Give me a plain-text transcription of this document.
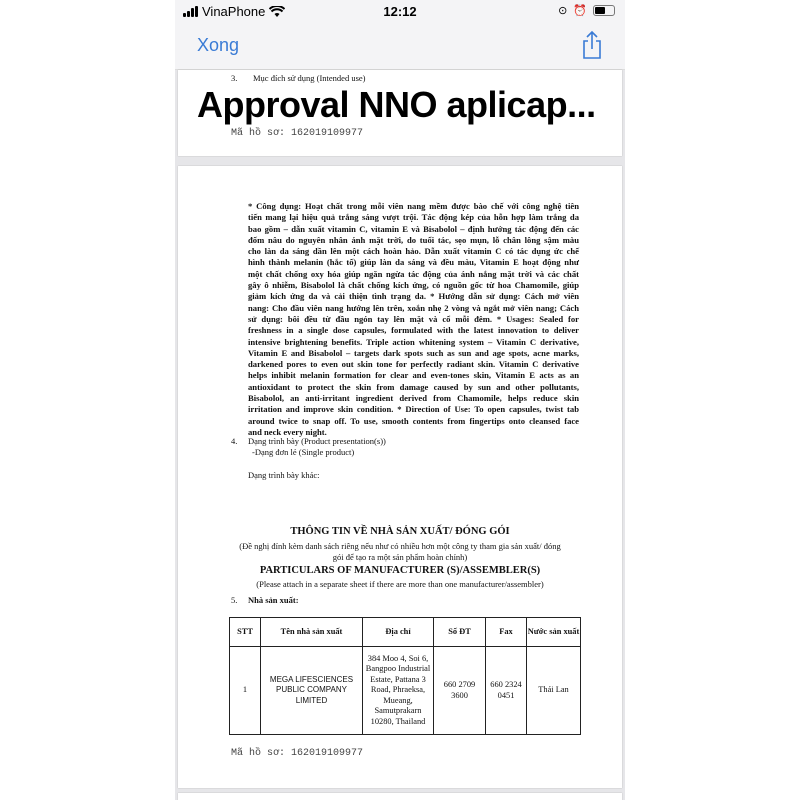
VinaPhone	12:12	⊙ ⏰
Xong
3. Mục đích sử dụng (Intended use)
Approval NNO aplicap...
Mã hồ sơ: 162019109977
* Công dụng: Hoạt chất trong mỗi viên nang mềm được bào chế với công nghệ tiên
tiến mang lại hiệu quả trắng sáng vượt trội. Tác động kép của hỗn hợp làm trắng da
bao gồm – dẫn xuất vitamin C, vitamin E và Bisabolol – định hướng tác động đến các
đốm nâu do nguyên nhân ánh mặt trời, do tuổi tác, sẹo mụn, lỗ chân lông sậm màu
cho làn da sáng dần lên một cách hoàn hảo. Dẫn xuất vitamin C có tác dụng ức chế
hình thành melanin (hắc tố) giúp làn da sáng và đều màu, Vitamin E hoạt động như
một chất chống oxy hóa giúp ngăn ngừa tác động của ánh nắng mặt trời và các chất
gây ô nhiễm, Bisabolol là chất chống kích ứng, có nguồn gốc từ hoa Chamomile, giúp
giảm kích ứng da và cải thiện tình trạng da. * Hướng dẫn sử dụng: Cách mở viên
nang: Cho đầu viên nang hướng lên trên, xoắn nhẹ 2 vòng và ngắt mở viên nang; Cách
sử dụng: bôi đều từ đầu ngón tay lên mặt và cổ mỗi đêm. * Usages: Sealed for
freshness in a single dose capsules, formulated with the latest innovation to deliver
intensive brightening benefits. Triple action whitening system – Vitamin C derivative,
Vitamin E and Bisabolol – targets dark spots such as sun and age spots, acne marks,
darkened pores to even out skin tone for perfectly radiant skin. Vitamin C derivative
helps inhibit melanin formation for clear and even-tones skin, Vitamin E acts as an
antioxidant to protect the skin from damage caused by sun and other pollutants,
Bisabolol, an anti-irritant ingredient derived from Chamomile, helps reduce skin
irritation and improve skin condition. * Direction of Use: To open capsules, twist tab
around twice to snap off. To use, smooth contents from fingertips onto cleansed face
and neck every night.
4. Dạng trình bày (Product presentation(s))
-Dạng đơn lẻ (Single product)
Dạng trình bày khác:
THÔNG TIN VỀ NHÀ SẢN XUẤT/ ĐÓNG GÓI
(Đề nghị đính kèm danh sách riêng nếu như có nhiều hơn một công ty tham gia sản xuất/ đóng
gói để tạo ra một sản phẩm hoàn chỉnh)
PARTICULARS OF MANUFACTURER (S)/ASSEMBLER(S)
(Please attach in a separate sheet if there are more than one manufacturer/assembler)
5. Nhà sản xuất:
STT	Tên nhà sản xuất	Địa chỉ	Số ĐT	Fax	Nước sản xuất
1	MEGA LIFESCIENCES PUBLIC COMPANY LIMITED	384 Moo 4, Soi 6, Bangpoo Industrial Estate, Pattana 3 Road, Phraeksa, Mueang, Samutprakarn 10280, Thailand	660 2709 3600	660 2324 0451	Thái Lan
Mã hồ sơ: 162019109977
